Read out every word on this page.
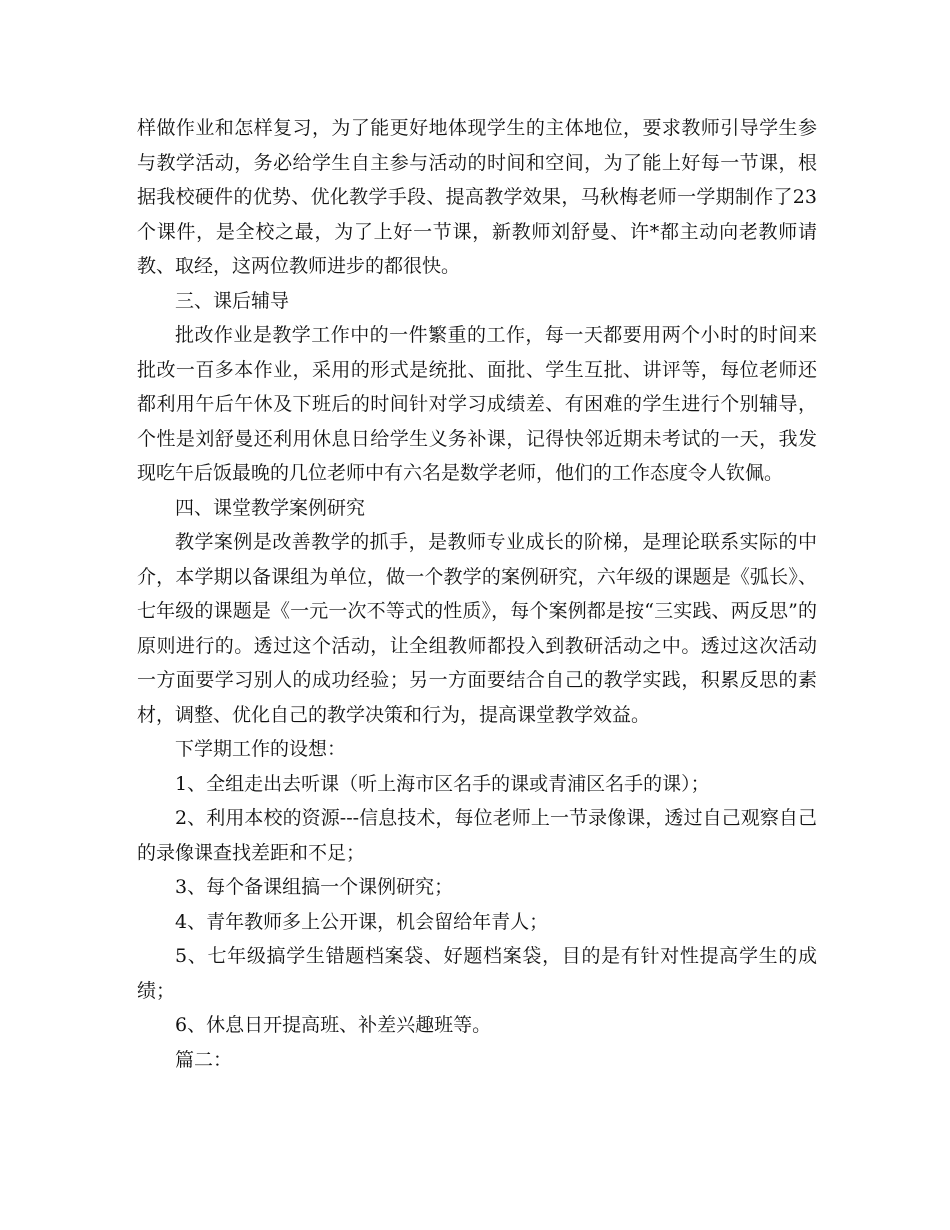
样做作业和怎样复习，为了能更好地体现学生的主体地位，要求教师引导学生参与教学活动，务必给学生自主参与活动的时间和空间，为了能上好每一节课，根据我校硬件的优势、优化教学手段、提高教学效果，马秋梅老师一学期制作了23个课件，是全校之最，为了上好一节课，新教师刘舒曼、许*都主动向老教师请教、取经，这两位教师进步的都很快。

三、课后辅导

批改作业是教学工作中的一件繁重的工作，每一天都要用两个小时的时间来批改一百多本作业，采用的形式是统批、面批、学生互批、讲评等，每位老师还都利用午后午休及下班后的时间针对学习成绩差、有困难的学生进行个别辅导，个性是刘舒曼还利用休息日给学生义务补课，记得快邻近期未考试的一天，我发现吃午后饭最晚的几位老师中有六名是数学老师，他们的工作态度令人钦佩。

四、课堂教学案例研究

教学案例是改善教学的抓手，是教师专业成长的阶梯，是理论联系实际的中介，本学期以备课组为单位，做一个教学的案例研究，六年级的课题是《弧长》、七年级的课题是《一元一次不等式的性质》，每个案例都是按“三实践、两反思”的原则进行的。透过这个活动，让全组教师都投入到教研活动之中。透过这次活动一方面要学习别人的成功经验；另一方面要结合自己的教学实践，积累反思的素材，调整、优化自己的教学决策和行为，提高课堂教学效益。

下学期工作的设想：

1、全组走出去听课（听上海市区名手的课或青浦区名手的课）；

2、利用本校的资源---信息技术，每位老师上一节录像课，透过自己观察自己的录像课查找差距和不足；

3、每个备课组搞一个课例研究；

4、青年教师多上公开课，机会留给年青人；

5、七年级搞学生错题档案袋、好题档案袋，目的是有针对性提高学生的成绩；

6、休息日开提高班、补差兴趣班等。

篇二：
